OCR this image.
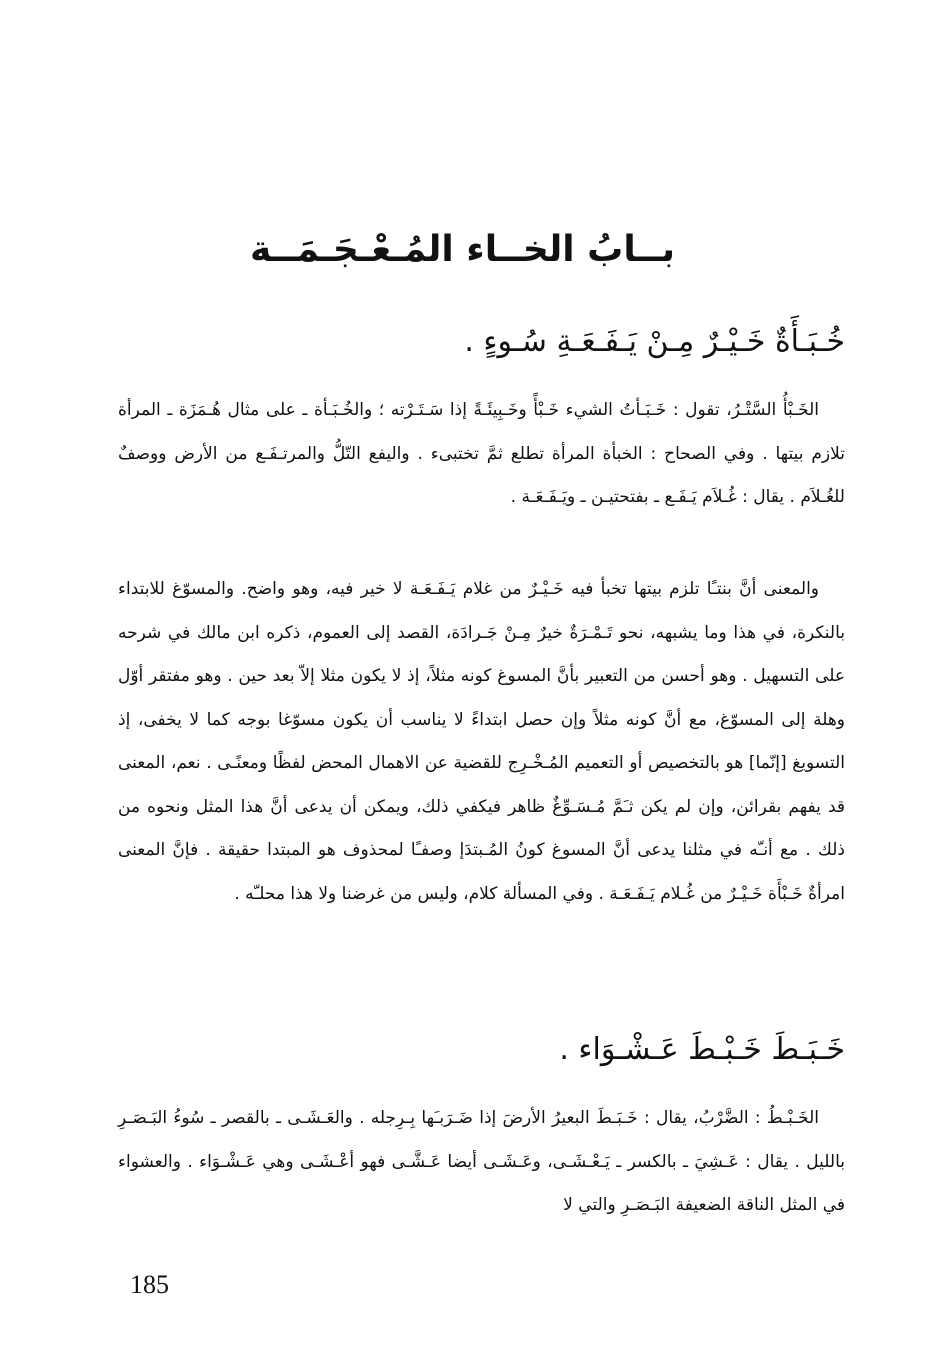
بــابُ الخــاء المُـعْـجَـمَــة
خُـبَـأَةٌ خَـيْـرٌ مِـنْ يَـفَـعَـةِ سُـوءٍ .

الخَـبْأُ السَّتْـرُ، تقول : خَـبَـأتُ الشيء خَـبْأً وخَـبِيئَـةً إذا سَـتَـرْته ؛ والخُـبَـأة ـ على مثال هُـمَزَة ـ المرأة تلازم بيتها . وفي الصحاح : الخبأة المرأة تطلع ثمَّ تختبىء . واليفع التّلُّ والمرتـفَـع من الأرض ووصفٌ للغُـلاَم . يقال : غُـلاَم يَـفَـع ـ بفتحتيـن ـ ويَـفَـعَـة .

والمعنى أنَّ بنتـًا تلزم بيتها تخبأ فيه خَـيْـرٌ من غلام يَـفَـعَـة لا خير فيه، وهو واضح. والمسوّغ للابتداء بالنكرة، في هذا وما يشبهه، نحو تَـمْـرَةٌ خيرٌ مِـنْ جَـرادَة، القصد إلى العموم، ذكره ابن مالك في شرحه على التسهيل . وهو أحسن من التعبير بأنَّ المسوغ كونه مثلاً، إذ لا يكون مثلا إلاّ بعد حين . وهو مفتقر أوّل وهلة إلى المسوّغ، مع أنَّ كونه مثلاً وإن حصل ابتداءً لا يناسب أن يكون مسوّغا بوجه كما لا يخفى، إذ التسويغ [إنّما] هو بالتخصيص أو التعميم المُـخْـرِج للقضية عن الاهمال المحض لفظًا ومعنًـى . نعم، المعنى قد يفهم بقرائن، وإن لم يكن ثـَمَّ مُـسَـوِّغٌ ظاهر فيكفي ذلك، ويمكن أن يدعى أنَّ هذا المثل ونحوه من ذلك . مع أنـّه في مثلنا يدعى أنَّ المسوغ كونُ المُـبتدَإ وصفـًا لمحذوف هو المبتدا حقيقة . فإنَّ المعنى امرأةٌ خَـبْأَة خَـيْـرٌ من غُـلام يَـفَـعَـة . وفي المسألة كلام، وليس من غرضنا ولا هذا محلـّه .

خَـبَـطَ خَـبْـطَ عَـشْـوَاء .

الخَـبْـطُ : الضَّرْبُ، يقال : خَـبَـطَ البعيرُ الأرضَ إذا ضَـرَبـَها بِـرِجله . والعَـشَـى ـ بالقصر ـ سُوءُ البَـصَـرِ بالليل . يقال : عَـشِيَ ـ بالكسر ـ يَـعْـشَـى، وعَـشَـى أيضا عَـشَّـى فهو أعْـشَـى وهي عَـشْـوَاء . والعشواء في المثل الناقة الضعيفة البَـصَـرِ والتي لا

185
